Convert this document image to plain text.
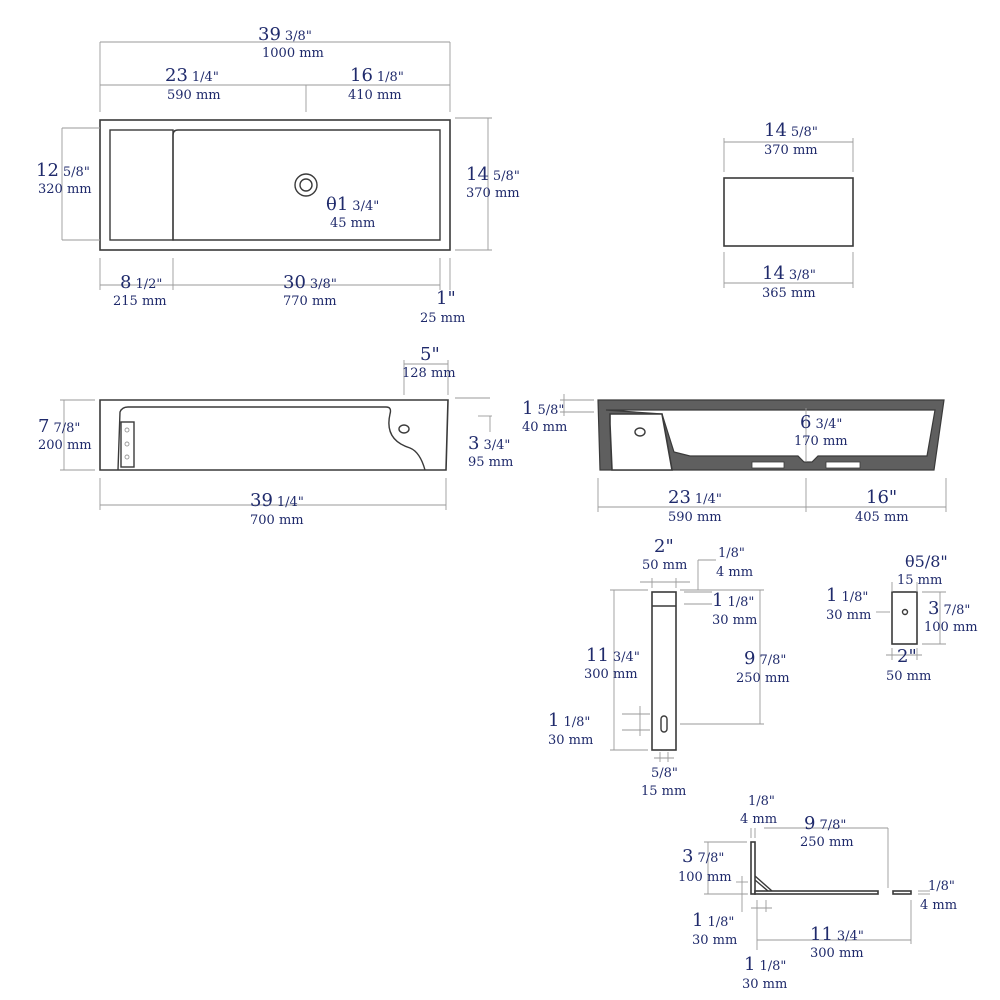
39 3/8"
1000 mm
23 1/4"
590 mm
16 1/8"
410 mm
12 5/8"
320 mm
14 5/8"
370 mm
θ1 3/4"
45 mm
8 1/2"
215 mm
30 3/8"
770 mm	1"
25 mm
14 5/8"
370 mm
14 3/8"
365 mm
5"
128 mm
7 7/8"
200 mm	3 3/4"
95 mm
39 1/4"
700 mm
1 5/8"
40 mm	6 3/4"
170 mm
23 1/4"
590 mm
16"
405 mm
2"
50 mm
1/8"
4 mm
1 1/8"
30 mm
11 3/4"
300 mm
9 7/8"
250 mm
1 1/8"
30 mm
5/8"
15 mm
θ5/8"
15 mm
1 1/8"
30 mm	3 7/8"
100 mm
2"
50 mm
1/8"
4 mm 9 7/8"
250 mm
3 7/8"
100 mm
1/8"
4 mm
1 1/8"
30 mm	11 3/4"
300 mm
1 1/8"
30 mm
